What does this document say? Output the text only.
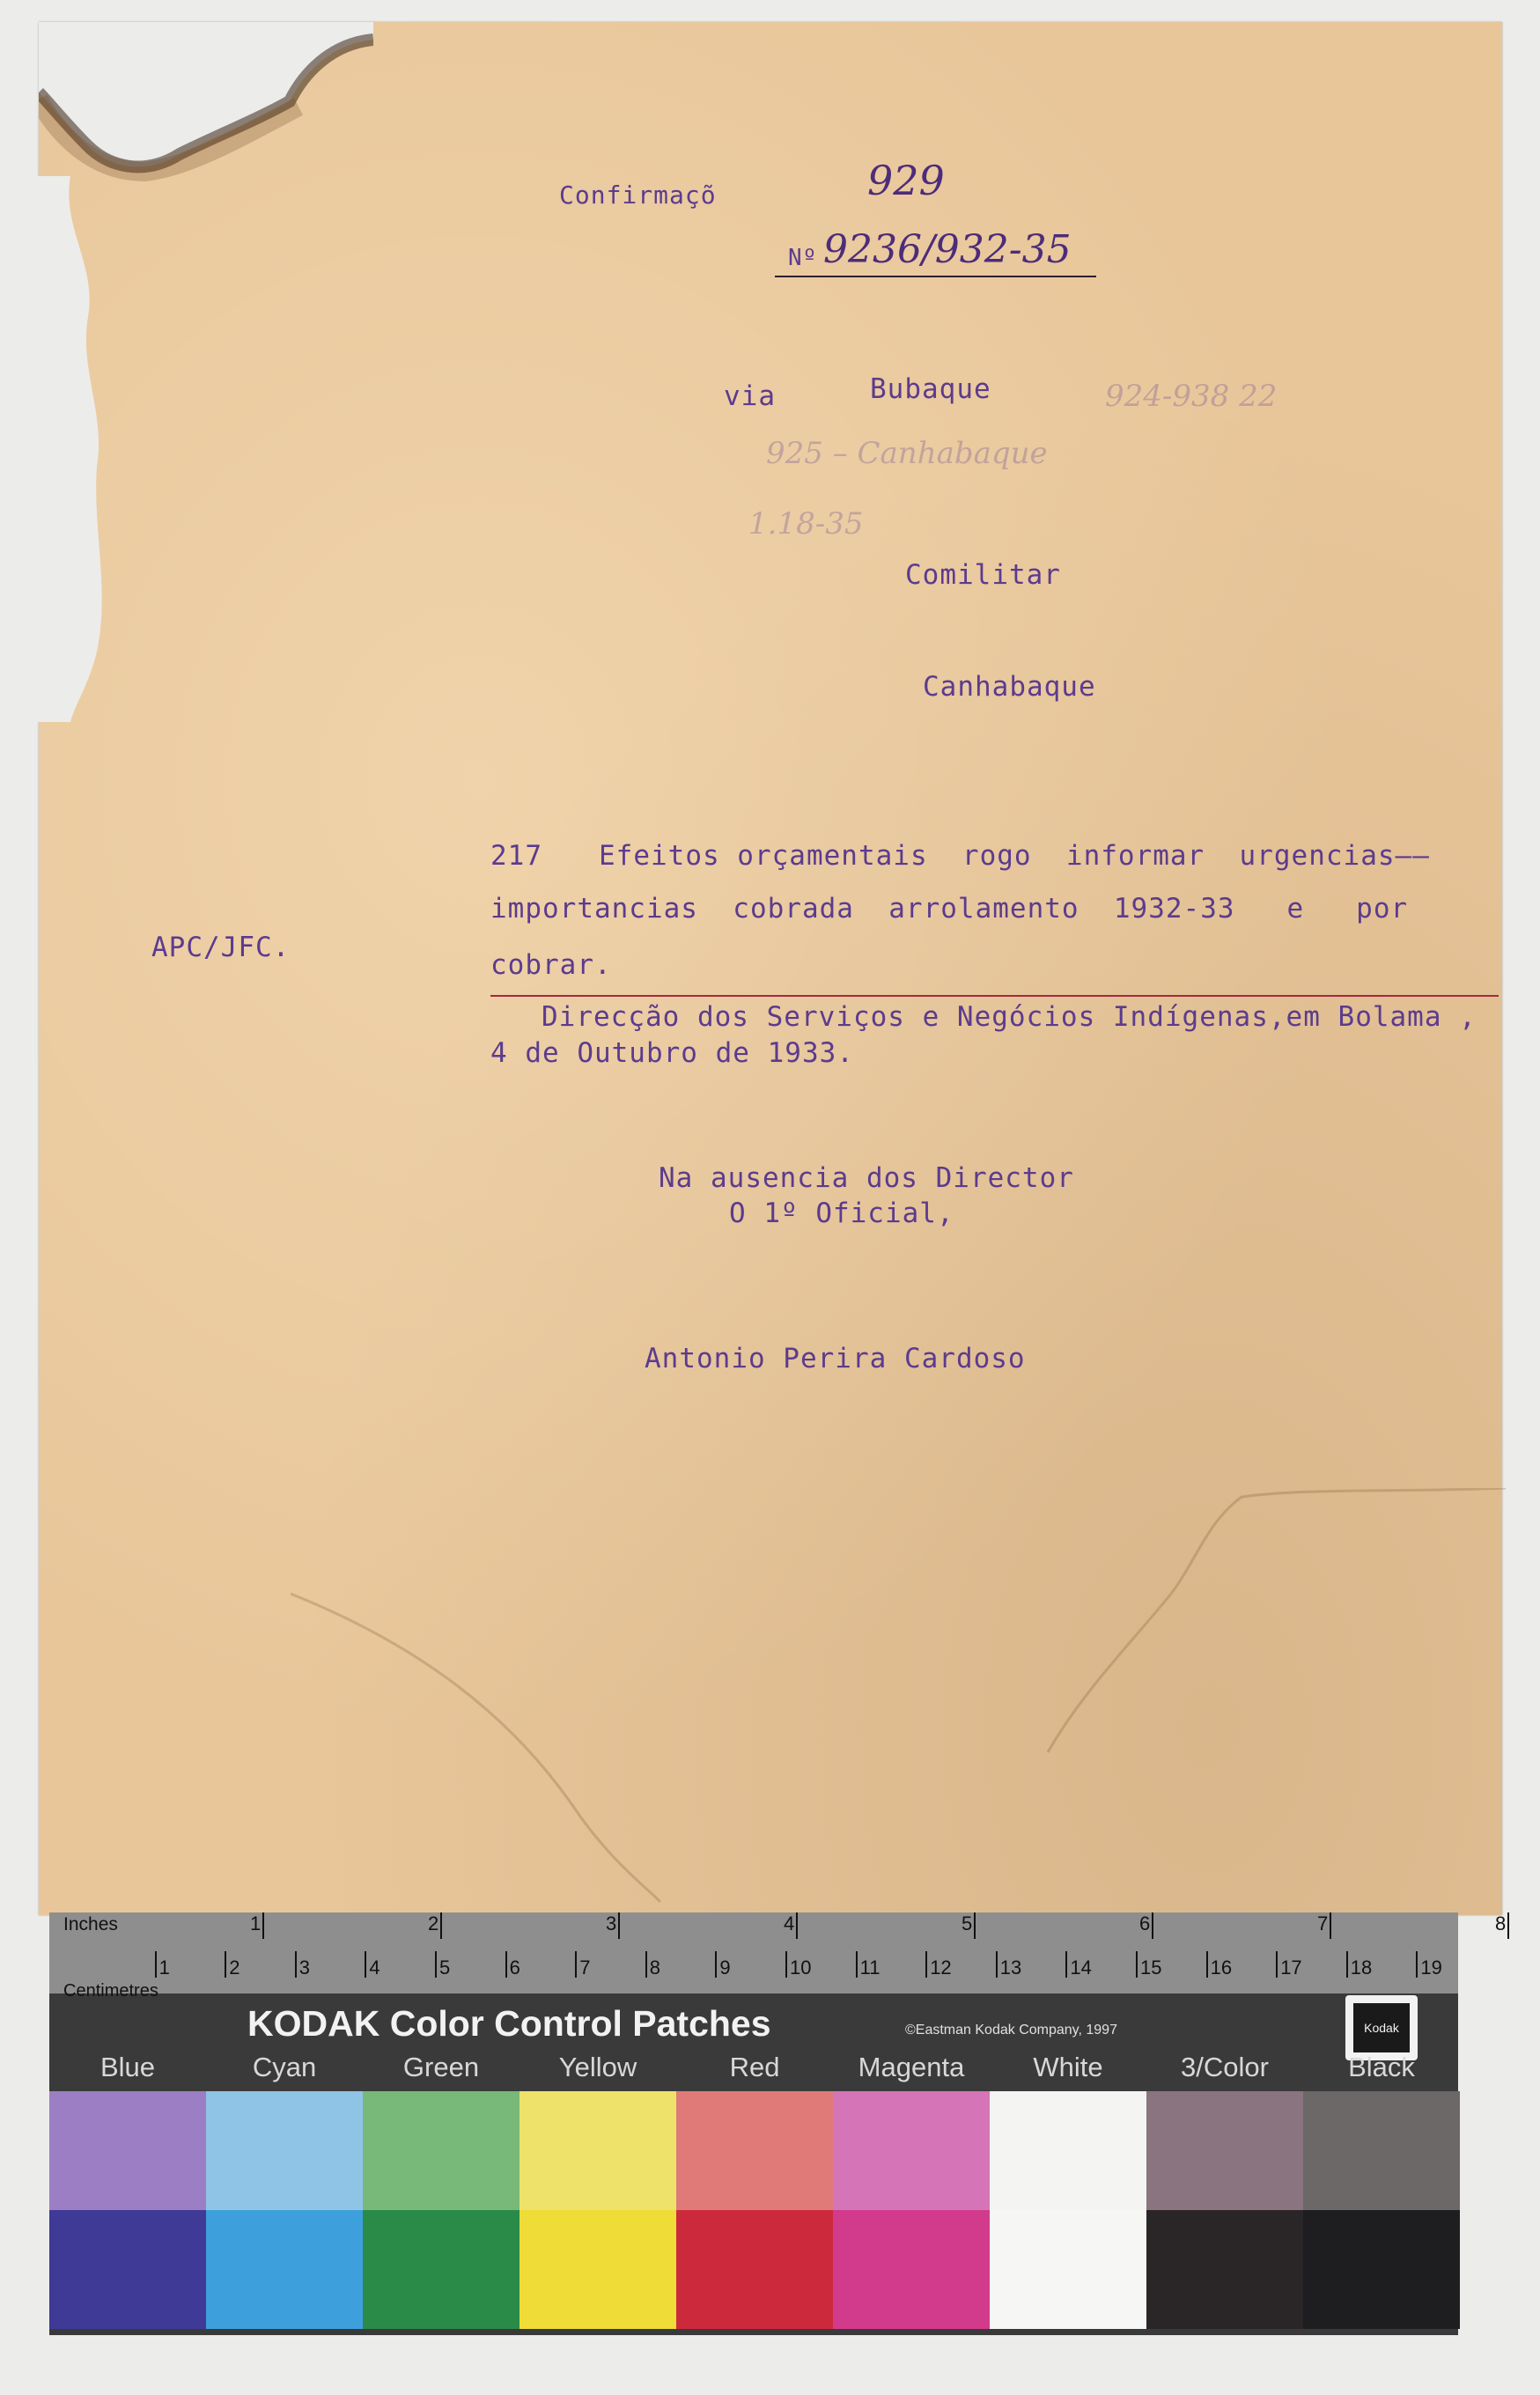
Confirmaçõ	929
Nº 9236/932-35
via	Bubaque	924-938 22
925 – Canhabaque
1.18-35
Comilitar
Canhabaque
APC/JFC.
217 Efeitos orçamentais  rogo  informar  urgencias——
importancias  cobrada  arrolamento  1932-33   e   por
cobrar.
Direcção dos Serviços e Negócios Indígenas,em Bolama ,
4 de Outubro de 1933.
Na ausencia dos Director
O 1º Oficial,
Antonio Perira Cardoso
Inches
Centimetres
1	2	3	4	5	6	7	8
1	2	3	4	5	6	7	8	9	10	11	12	13	14	15	16	17	18	19
KODAK Color Control Patches	©Eastman Kodak Company, 1997	Kodak
Blue	Cyan	Green	Yellow	Red	Magenta	White	3/Color	Black
